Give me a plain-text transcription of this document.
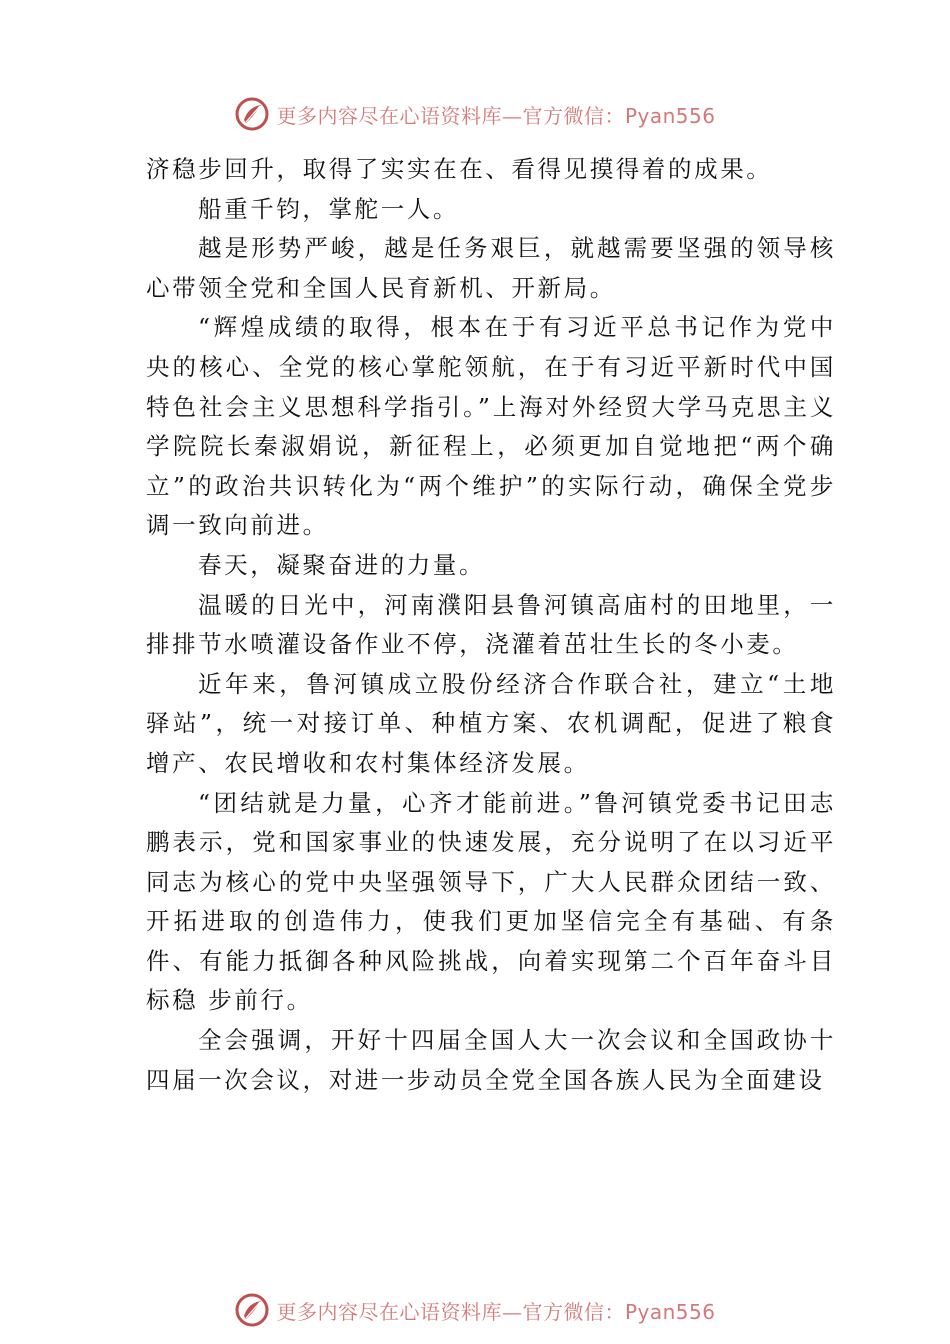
更多内容尽在心语资料库—官方微信：Pyan556

济稳步回升，取得了实实在在、看得见摸得着的成果。

船重千钧，掌舵一人。

越是形势严峻，越是任务艰巨，就越需要坚强的领导核心带领全党和全国人民育新机、开新局。

“辉煌成绩的取得，根本在于有习近平总书记作为党中央的核心、全党的核心掌舵领航，在于有习近平新时代中国特色社会主义思想科学指引。”上海对外经贸大学马克思主义学院院长秦淑娟说，新征程上，必须更加自觉地把“两个确立”的政治共识转化为“两个维护”的实际行动，确保全党步调一致向前进。

春天，凝聚奋进的力量。

温暖的日光中，河南濮阳县鲁河镇高庙村的田地里，一排排节水喷灌设备作业不停，浇灌着茁壮生长的冬小麦。

近年来，鲁河镇成立股份经济合作联合社，建立“土地驿站”，统一对接订单、种植方案、农机调配，促进了粮食增产、农民增收和农村集体经济发展。

“团结就是力量，心齐才能前进。”鲁河镇党委书记田志鹏表示，党和国家事业的快速发展，充分说明了在以习近平同志为核心的党中央坚强领导下，广大人民群众团结一致、开拓进取的创造伟力，使我们更加坚信完全有基础、有条件、有能力抵御各种风险挑战，向着实现第二个百年奋斗目标稳 步前行。

全会强调，开好十四届全国人大一次会议和全国政协十四届一次会议，对进一步动员全党全国各族人民为全面建设

更多内容尽在心语资料库—官方微信：Pyan556
